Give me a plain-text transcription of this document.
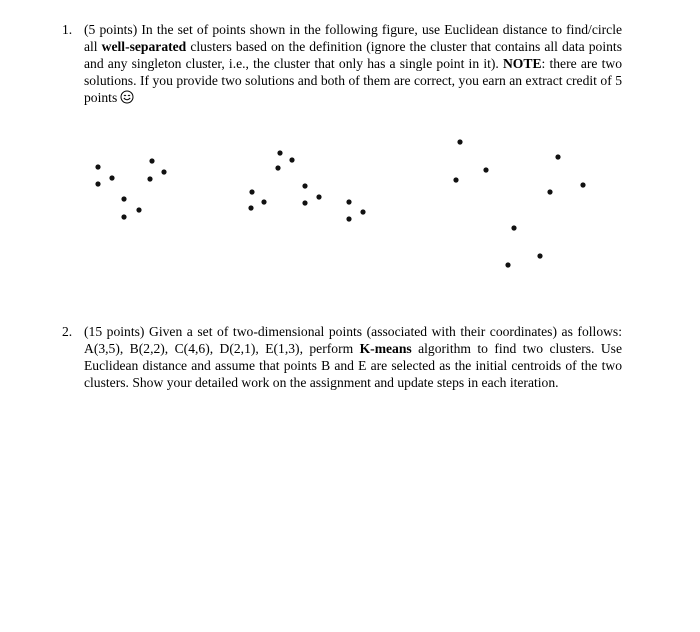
1. (5 points) In the set of points shown in the following figure, use Euclidean distance to find/circle all well-separated clusters based on the definition (ignore the cluster that contains all data points and any singleton cluster, i.e., the cluster that only has a single point in it). NOTE: there are two solutions. If you provide two solutions and both of them are correct, you earn an extract credit of 5 points
2. (15 points) Given a set of two-dimensional points (associated with their coordinates) as follows: A(3,5), B(2,2), C(4,6), D(2,1), E(1,3), perform K-means algorithm to find two clusters. Use Euclidean distance and assume that points B and E are selected as the initial centroids of the two clusters. Show your detailed work on the assignment and update steps in each iteration.
